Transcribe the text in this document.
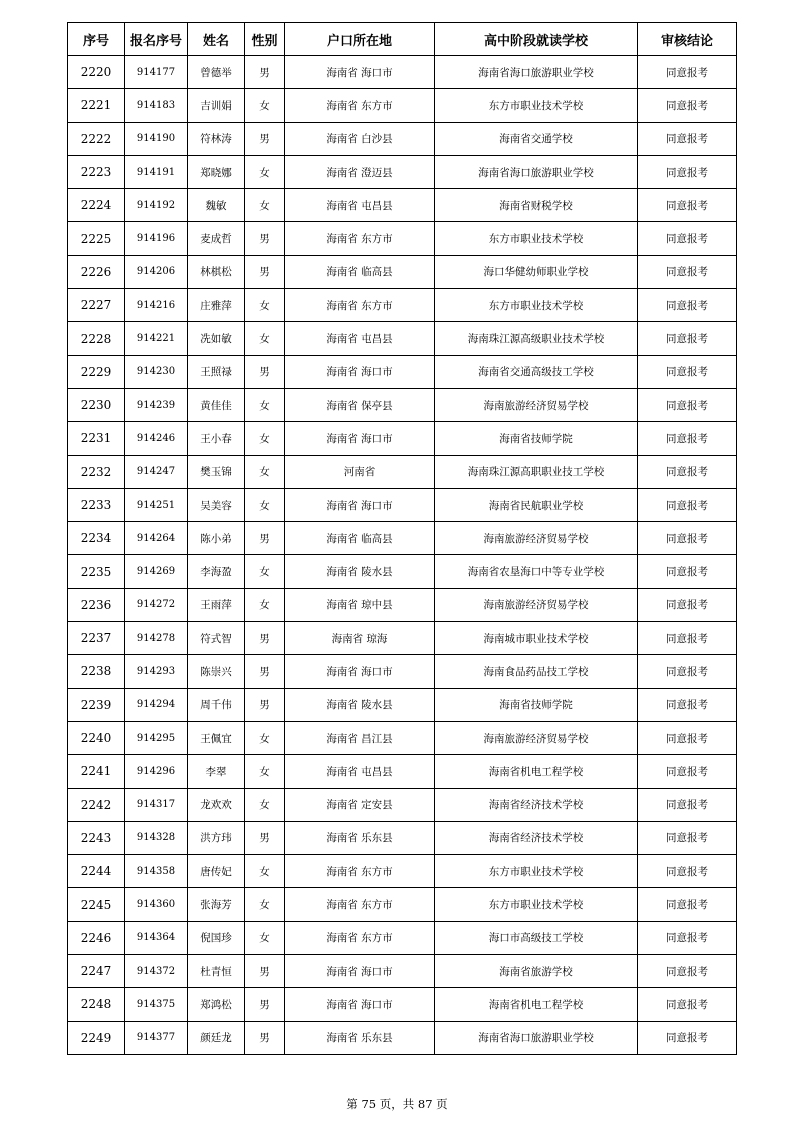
序号	报名序号	姓名	性别	户口所在地	高中阶段就读学校	审核结论
2220	914177	曾德举	男	海南省 海口市	海南省海口旅游职业学校	同意报考
2221	914183	吉训娟	女	海南省 东方市	东方市职业技术学校	同意报考
2222	914190	符林涛	男	海南省 白沙县	海南省交通学校	同意报考
2223	914191	郑晓娜	女	海南省 澄迈县	海南省海口旅游职业学校	同意报考
2224	914192	魏敏	女	海南省 屯昌县	海南省财税学校	同意报考
2225	914196	麦成哲	男	海南省 东方市	东方市职业技术学校	同意报考
2226	914206	林棋松	男	海南省 临高县	海口华健幼师职业学校	同意报考
2227	914216	庄雅萍	女	海南省 东方市	东方市职业技术学校	同意报考
2228	914221	冼如敏	女	海南省 屯昌县	海南珠江源高级职业技术学校	同意报考
2229	914230	王照禄	男	海南省 海口市	海南省交通高级技工学校	同意报考
2230	914239	黄佳佳	女	海南省 保亭县	海南旅游经济贸易学校	同意报考
2231	914246	王小春	女	海南省 海口市	海南省技师学院	同意报考
2232	914247	樊玉锦	女	河南省	海南珠江源高职职业技工学校	同意报考
2233	914251	吴美容	女	海南省 海口市	海南省民航职业学校	同意报考
2234	914264	陈小弟	男	海南省 临高县	海南旅游经济贸易学校	同意报考
2235	914269	李海盈	女	海南省 陵水县	海南省农垦海口中等专业学校	同意报考
2236	914272	王雨萍	女	海南省 琼中县	海南旅游经济贸易学校	同意报考
2237	914278	符式智	男	海南省 琼海	海南城市职业技术学校	同意报考
2238	914293	陈崇兴	男	海南省 海口市	海南食品药品技工学校	同意报考
2239	914294	周千伟	男	海南省 陵水县	海南省技师学院	同意报考
2240	914295	王佩宜	女	海南省 昌江县	海南旅游经济贸易学校	同意报考
2241	914296	李翠	女	海南省 屯昌县	海南省机电工程学校	同意报考
2242	914317	龙欢欢	女	海南省 定安县	海南省经济技术学校	同意报考
2243	914328	洪方玮	男	海南省 乐东县	海南省经济技术学校	同意报考
2244	914358	唐传妃	女	海南省 东方市	东方市职业技术学校	同意报考
2245	914360	张海芳	女	海南省 东方市	东方市职业技术学校	同意报考
2246	914364	倪国珍	女	海南省 东方市	海口市高级技工学校	同意报考
2247	914372	杜青恒	男	海南省 海口市	海南省旅游学校	同意报考
2248	914375	郑鸿松	男	海南省 海口市	海南省机电工程学校	同意报考
2249	914377	颜廷龙	男	海南省 乐东县	海南省海口旅游职业学校	同意报考
第 75 页，共 87 页
